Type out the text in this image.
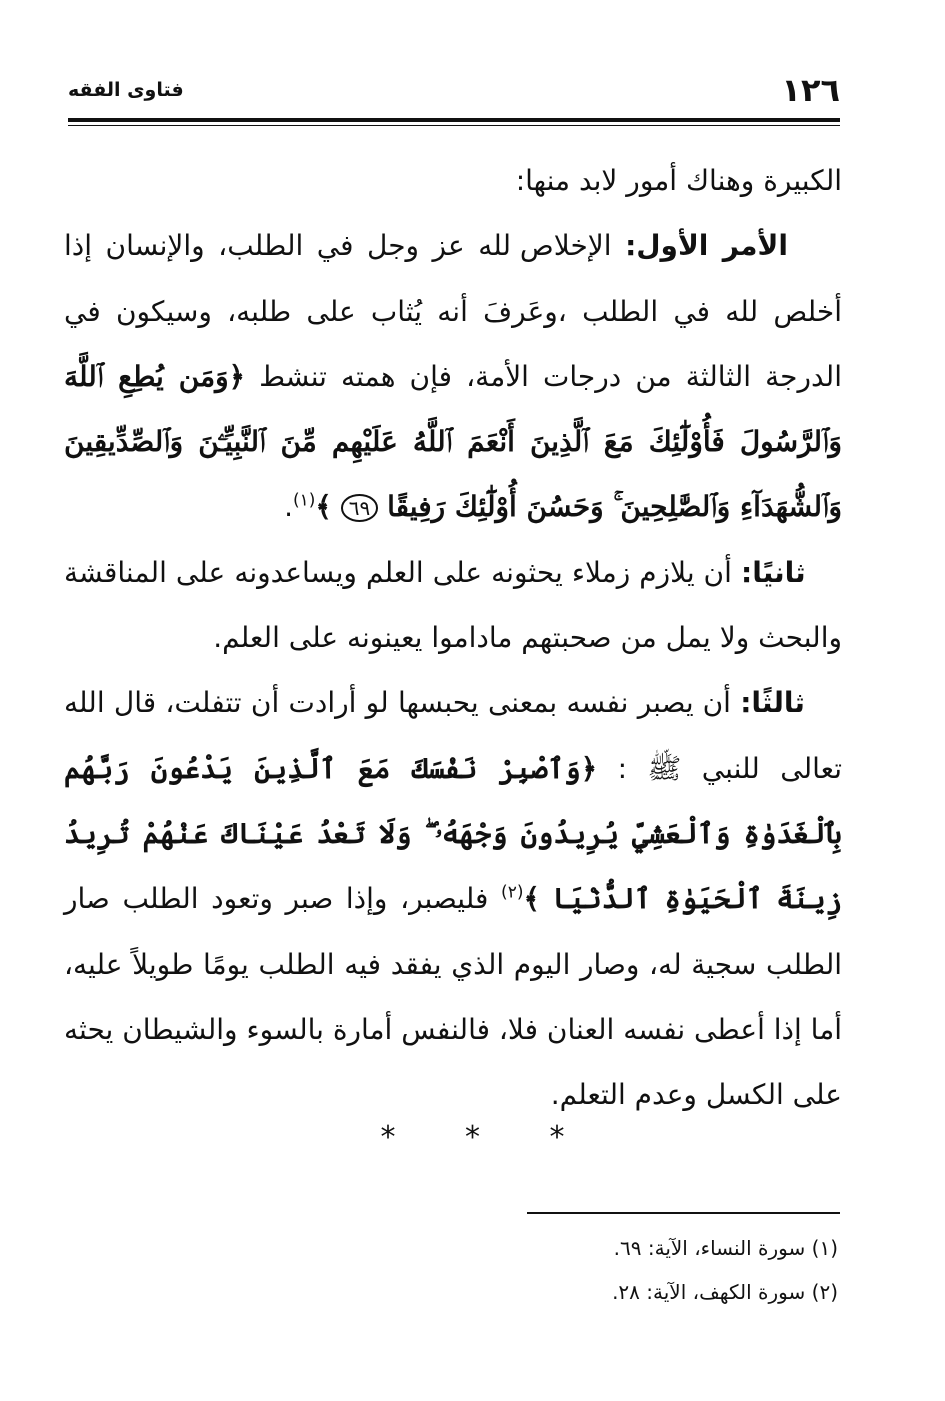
١٢٦
فتاوى الفقه

الكبيرة وهناك أمور لابد منها:

الأمر الأول: الإخلاص لله عز وجل في الطلب، والإنسان إذا أخلص لله في الطلب ،وعَرفَ أنه يُثاب على طلبه، وسيكون في الدرجة الثالثة من درجات الأمة، فإن همته تنشط ﴿وَمَن يُطِعِ ٱللَّهَ وَٱلرَّسُولَ فَأُوْلَٰٓئِكَ مَعَ ٱلَّذِينَ أَنْعَمَ ٱللَّهُ عَلَيْهِم مِّنَ ٱلنَّبِيِّـۧنَ وَٱلصِّدِّيقِينَ وَٱلشُّهَدَآءِ وَٱلصَّٰلِحِينَ ۚ وَحَسُنَ أُوْلَٰٓئِكَ رَفِيقًا ٦٩ ﴾$^{(١)}$.

ثانيًا: أن يلازم زملاء يحثونه على العلم ويساعدونه على المناقشة والبحث ولا يمل من صحبتهم ماداموا يعينونه على العلم.

ثالثًا: أن يصبر نفسه بمعنى يحبسها لو أرادت أن تتفلت، قال الله تعالى للنبي ﷺ : ﴿وَٱصْبِرْ نَفْسَكَ مَعَ ٱلَّذِينَ يَدْعُونَ رَبَّهُم بِٱلْغَدَوٰةِ وَٱلْعَشِيِّ يُرِيدُونَ وَجْهَهُۥ ۖ وَلَا تَعْدُ عَيْنَاكَ عَنْهُمْ تُرِيدُ زِينَةَ ٱلْحَيَوٰةِ ٱلدُّنْيَا ﴾$^{(٢)}$ فليصبر، وإذا صبر وتعود الطلب صار الطلب سجية له، وصار اليوم الذي يفقد فيه الطلب يومًا طويلاً عليه، أما إذا أعطى نفسه العنان فلا، فالنفس أمارة بالسوء والشيطان يحثه على الكسل وعدم التعلم.

* * *

(١) سورة النساء، الآية: ٦٩.

(٢) سورة الكهف، الآية: ٢٨.
